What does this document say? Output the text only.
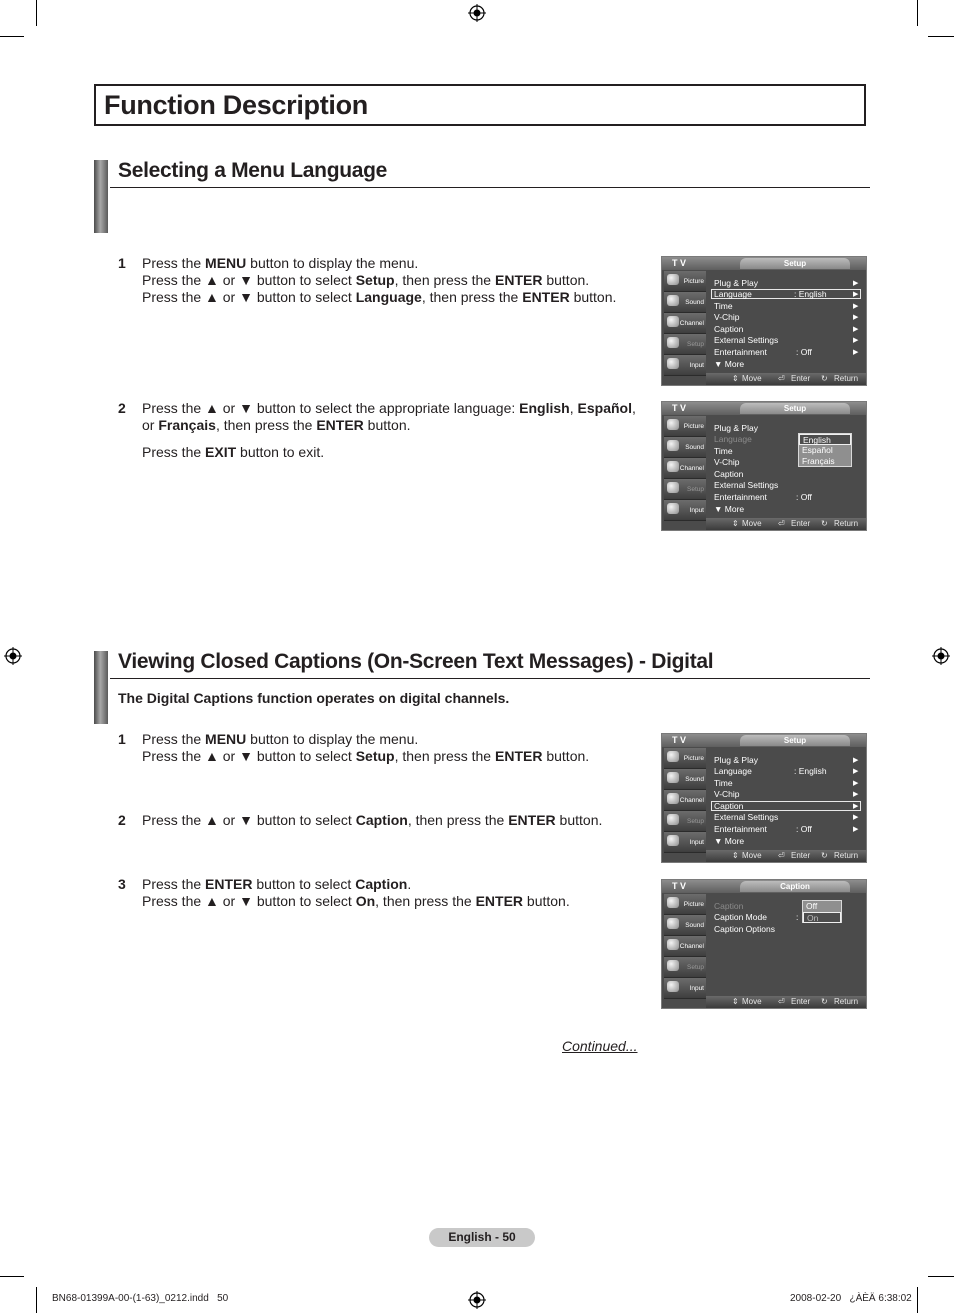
Function Description
Selecting a Menu Language
1 Press the MENU button to display the menu.
Press the ▲ or ▼ button to select Setup, then press the ENTER button.
Press the ▲ or ▼ button to select Language, then press the ENTER button.
2 Press the ▲ or ▼ button to select the appropriate language: English, Español,
or Français, then press the ENTER button.
Press the EXIT button to exit.
Viewing Closed Captions (On-Screen Text Messages) - Digital
The Digital Captions function operates on digital channels.
1 Press the MENU button to display the menu.
Press the ▲ or ▼ button to select Setup, then press the ENTER button.
2 Press the ▲ or ▼ button to select Caption, then press the ENTER button.
3 Press the ENTER button to select Caption.
Press the ▲ or ▼ button to select On, then press the ENTER button.
T V	Setup
Picture
Sound
Channel
Setup
Input
Plug & Play
Language	: English
Time
V-Chip
Caption
External Settings
Entertainment	: Off
▼ More
▶
▶
▶
▶
▶
▶
▶
⇕ Move ⏎ Enter ↻ Return
T V	Setup
Picture
Sound
Channel
Setup
Input
Plug & Play
Language
Time
V-Chip
Caption
External Settings
Entertainment	: Off
▼ More
English
Español
Français
⇕ Move ⏎ Enter ↻ Return
T V	Setup
Picture
Sound
Channel
Setup
Input
Plug & Play
Language	: English
Time
V-Chip
Caption
External Settings
Entertainment	: Off
▼ More
▶
▶
▶
▶
▶
▶
▶
⇕ Move ⏎ Enter ↻ Return
T V	Caption
Picture
Sound
Channel
Setup
Input
Caption
Caption Mode	:
Caption Options
Off
On
⇕ Move ⏎ Enter ↻ Return
Continued...
English - 50
BN68-01399A-00-(1-63)_0212.indd   50	2008-02-20   ¿ÀÈÄ 6:38:02
